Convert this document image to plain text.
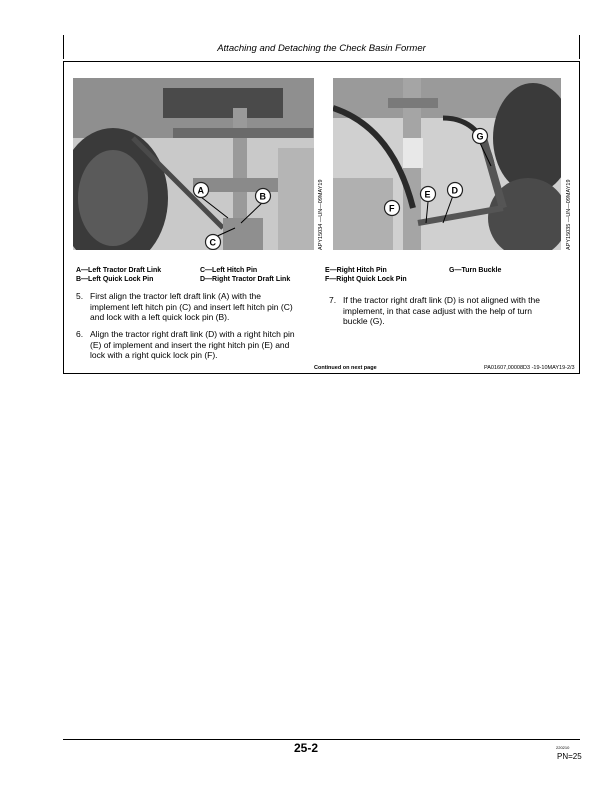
Attaching and Detaching the Check Basin Former
A
B
C	APY15034 —UN—09MAY19
G
E D
F	APY15035 —UN—09MAY19
A—Left Tractor Draft Link
B—Left Quick Lock Pin
C—Left Hitch Pin
D—Right Tractor Draft Link
E—Right Hitch Pin
F—Right Quick Lock Pin
G—Turn Buckle
5. First align the tractor left draft link (A) with the
implement left hitch pin (C) and insert left hitch pin (C)
and lock with a left quick lock pin (B).
6. Align the tractor right draft link (D) with a right hitch pin
(E) of implement and insert the right hitch pin (E) and
lock with a right quick lock pin (F).
7. If the tractor right draft link (D) is not aligned with the
implement, in that case adjust with the help of turn
buckle (G).
Continued on next page	PA01607,00008D3 -19-10MAY19-2/3
25-2	220210
PN=25
